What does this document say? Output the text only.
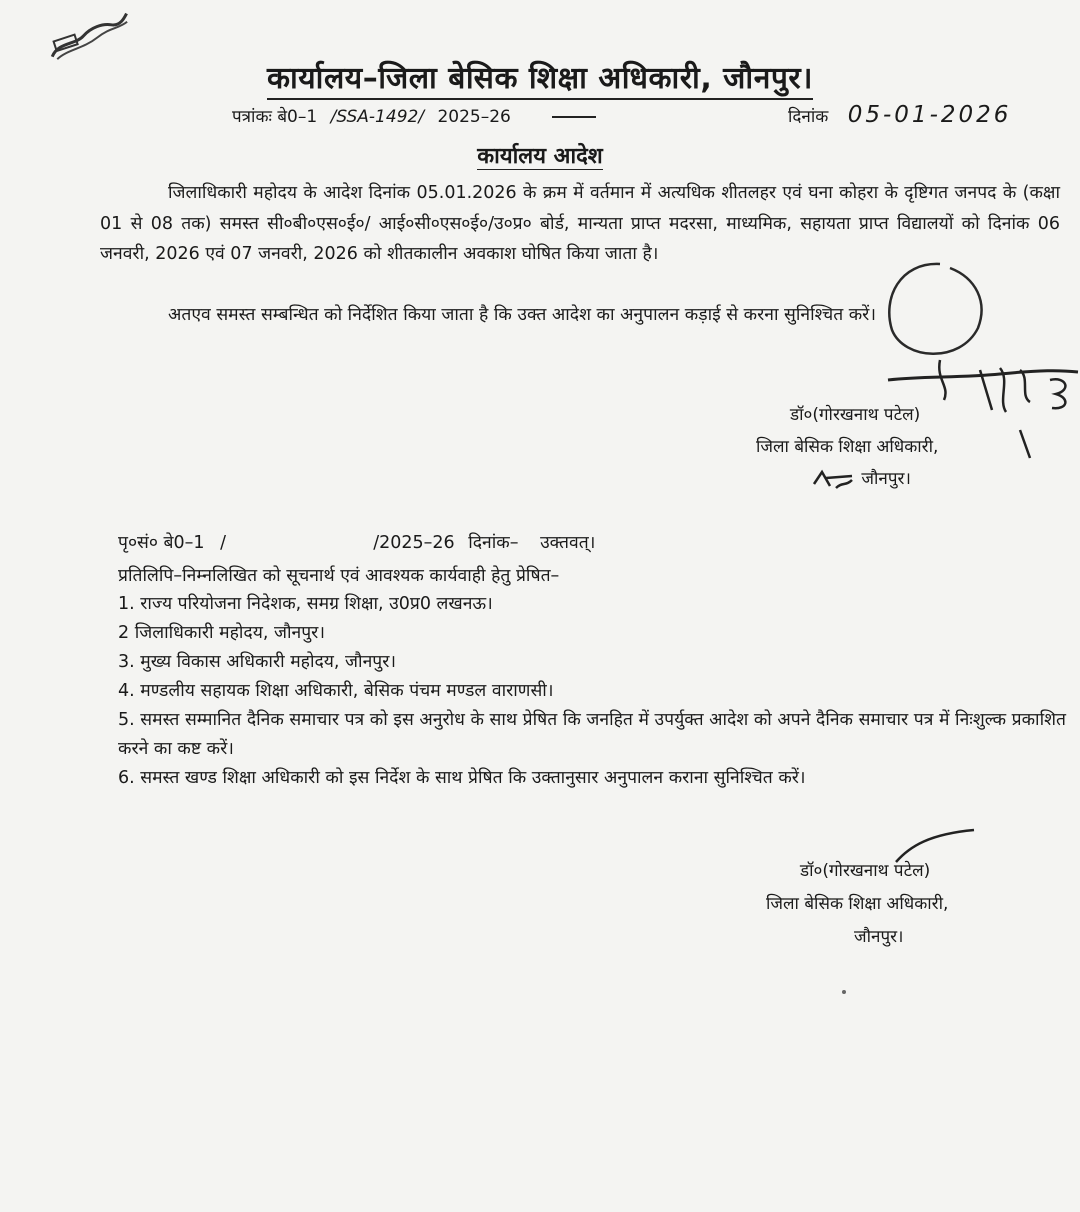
कार्यालय–जिला बेसिक शिक्षा अधिकारी, जौनपुर।
पत्रांकः बे0–1 /SSA-1492/ 2025–26	दिनांक 05-01-2026
कार्यालय आदेश
जिलाधिकारी महोदय के आदेश दिनांक 05.01.2026 के क्रम में वर्तमान में अत्यधिक शीतलहर एवं घना कोहरा के दृष्टिगत जनपद के (कक्षा 01 से 08 तक) समस्त सी०बी०एस०ई०/ आई०सी०एस०ई०/उ०प्र० बोर्ड, मान्यता प्राप्त मदरसा, माध्यमिक, सहायता प्राप्त विद्यालयों को दिनांक 06 जनवरी, 2026 एवं 07 जनवरी, 2026 को शीतकालीन अवकाश घोषित किया जाता है।
अतएव समस्त सम्बन्धित को निर्देशित किया जाता है कि उक्त आदेश का अनुपालन कड़ाई से करना सुनिश्चित करें।
डॉ०(गोरखनाथ पटेल)
जिला बेसिक शिक्षा अधिकारी,
जौनपुर।
पृ०सं० बे0–1 /	/2025–26 दिनांक– उक्तवत्।
प्रतिलिपि–निम्नलिखित को सूचनार्थ एवं आवश्यक कार्यवाही हेतु प्रेषित–
1. राज्य परियोजना निदेशक, समग्र शिक्षा, उ0प्र0 लखनऊ।
2 जिलाधिकारी महोदय, जौनपुर।
3. मुख्य विकास अधिकारी महोदय, जौनपुर।
4. मण्डलीय सहायक शिक्षा अधिकारी, बेसिक पंचम मण्डल वाराणसी।
5. समस्त सम्मानित दैनिक समाचार पत्र को इस अनुरोध के साथ प्रेषित कि जनहित में उपर्युक्त आदेश को अपने दैनिक समाचार पत्र में निःशुल्क प्रकाशित करने का कष्ट करें।
6. समस्त खण्ड शिक्षा अधिकारी को इस निर्देश के साथ प्रेषित कि उक्तानुसार अनुपालन कराना सुनिश्चित करें।
डॉ०(गोरखनाथ पटेल)
जिला बेसिक शिक्षा अधिकारी,
जौनपुर।
